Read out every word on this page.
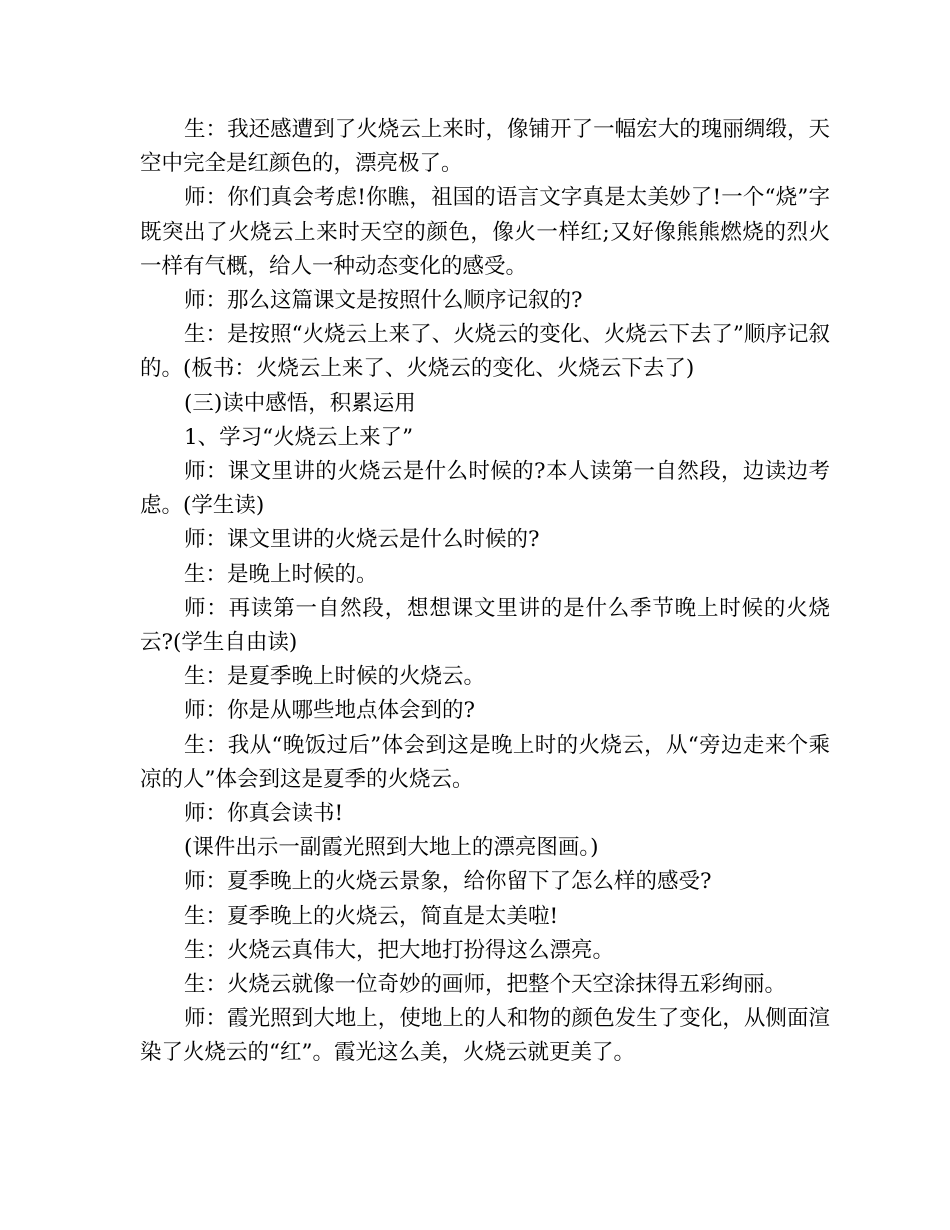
生：我还感遭到了火烧云上来时，像铺开了一幅宏大的瑰丽绸缎，天空中完全是红颜色的，漂亮极了。

师：你们真会考虑!你瞧，祖国的语言文字真是太美妙了!一个“烧”字既突出了火烧云上来时天空的颜色，像火一样红;又好像熊熊燃烧的烈火一样有气概，给人一种动态变化的感受。

师：那么这篇课文是按照什么顺序记叙的?

生：是按照“火烧云上来了、火烧云的变化、火烧云下去了”顺序记叙的。(板书：火烧云上来了、火烧云的变化、火烧云下去了)

(三)读中感悟，积累运用

1、学习“火烧云上来了”

师：课文里讲的火烧云是什么时候的?本人读第一自然段，边读边考虑。(学生读)

师：课文里讲的火烧云是什么时候的?

生：是晚上时候的。

师：再读第一自然段，想想课文里讲的是什么季节晚上时候的火烧云?(学生自由读)

生：是夏季晚上时候的火烧云。

师：你是从哪些地点体会到的?

生：我从“晚饭过后”体会到这是晚上时的火烧云，从“旁边走来个乘凉的人”体会到这是夏季的火烧云。

师：你真会读书!

(课件出示一副霞光照到大地上的漂亮图画。)

师：夏季晚上的火烧云景象，给你留下了怎么样的感受?

生：夏季晚上的火烧云，简直是太美啦!

生：火烧云真伟大，把大地打扮得这么漂亮。

生：火烧云就像一位奇妙的画师，把整个天空涂抹得五彩绚丽。

师：霞光照到大地上，使地上的人和物的颜色发生了变化，从侧面渲染了火烧云的“红”。霞光这么美，火烧云就更美了。
